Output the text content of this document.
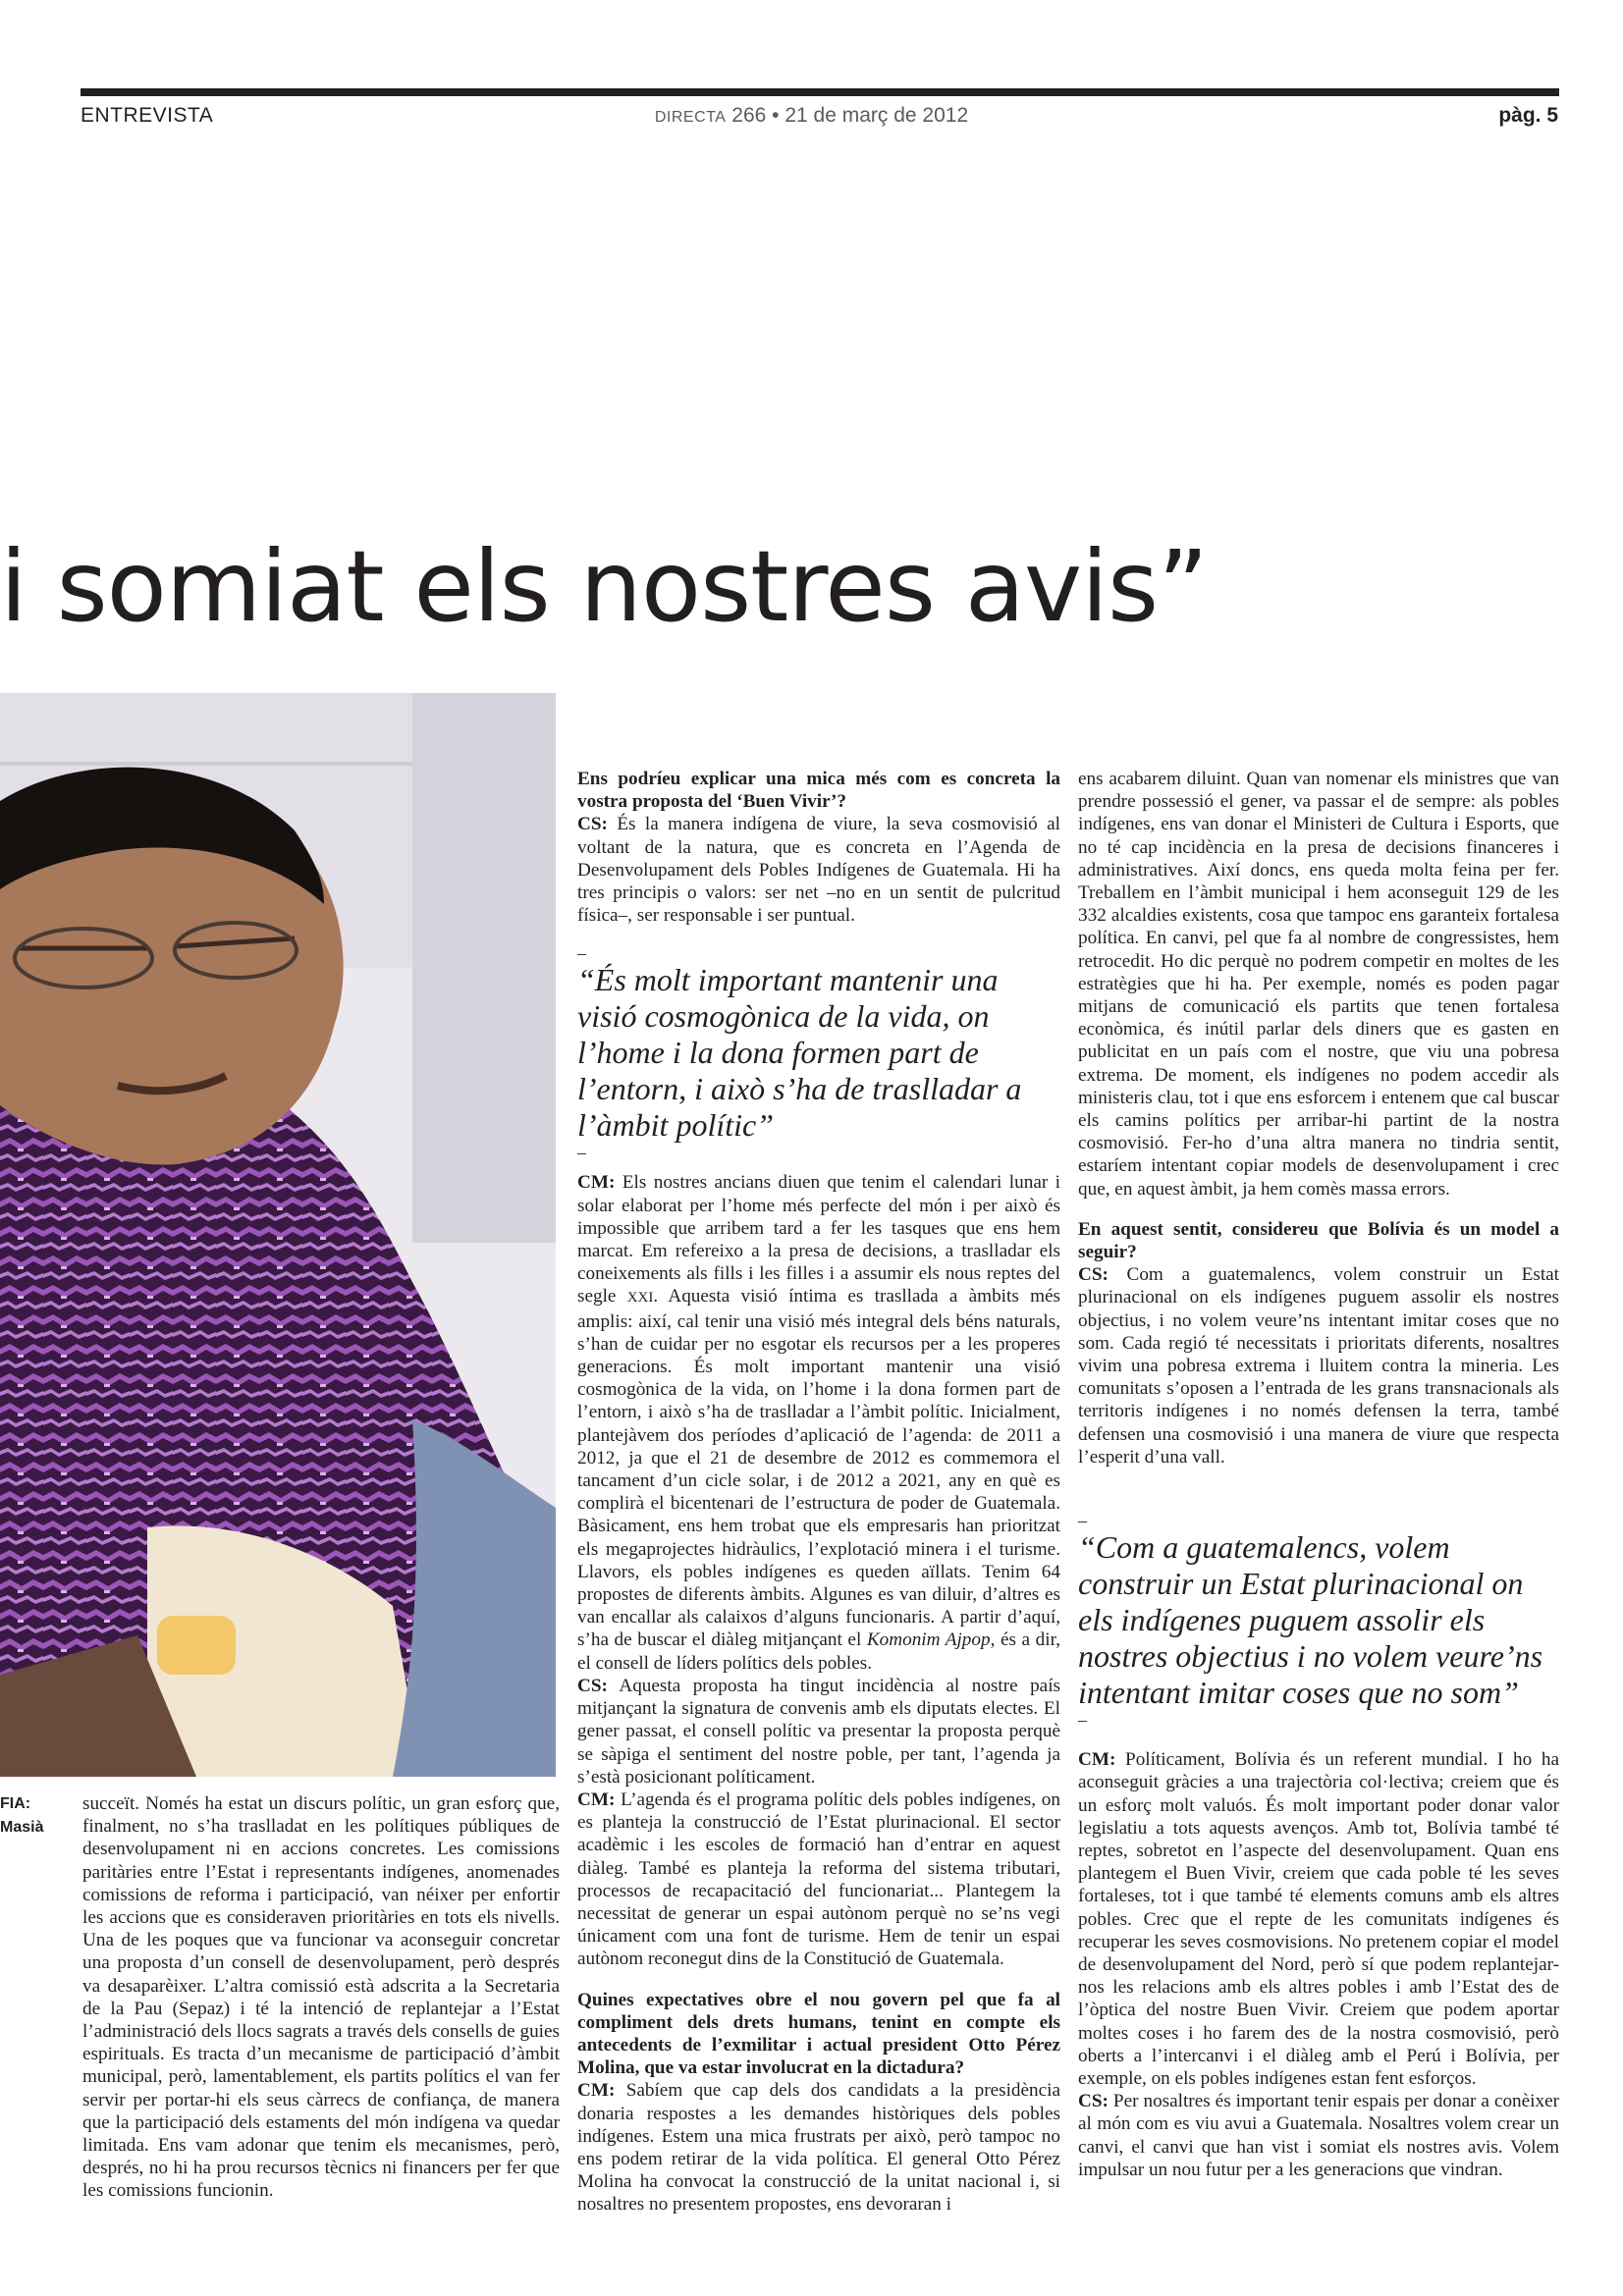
ENTREVISTA	DIRECTA 266 • 21 de març de 2012	pàg. 5
i somiat els nostres avis”
FIA:
Masià

succeït. Només ha estat un discurs polític, un gran esforç que, finalment, no s’ha traslladat en les polítiques públiques de desenvolupament ni en accions concretes. Les comissions paritàries entre l’Estat i representants indígenes, anomenades comissions de reforma i participació, van néixer per enfortir les accions que es consideraven prioritàries en tots els nivells. Una de les poques que va funcionar va aconseguir concretar una proposta d’un consell de desenvolupament, però després va desaparèixer. L’altra comissió està adscrita a la Secretaria de la Pau (Sepaz) i té la intenció de replantejar a l’Estat l’administració dels llocs sagrats a través dels consells de guies espirituals. Es tracta d’un mecanisme de participació d’àmbit municipal, però, lamentablement, els partits polítics el van fer servir per portar-hi els seus càrrecs de confiança, de manera que la participació dels estaments del món indígena va quedar limitada. Ens vam adonar que tenim els mecanismes, però, després, no hi ha prou recursos tècnics ni financers per fer que les comissions funcionin.

Ens podríeu explicar una mica més com es concreta la vostra proposta del ‘Buen Vivir’?

CS: És la manera indígena de viure, la seva cosmovisió al voltant de la natura, que es concreta en l’Agenda de Desenvolupament dels Pobles Indígenes de Guatemala. Hi ha tres principis o valors: ser net –no en un sentit de pulcritud física–, ser responsable i ser puntual.

–
“És molt important mantenir una visió cosmogònica de la vida, on l’home i la dona formen part de l’entorn, i això s’ha de traslladar a l’àmbit polític”
–

CM: Els nostres ancians diuen que tenim el calendari lunar i solar elaborat per l’home més perfecte del món i per això és impossible que arribem tard a fer les tasques que ens hem marcat. Em refereixo a la presa de decisions, a traslladar els coneixements als fills i les filles i a assumir els nous reptes del segle XXI. Aquesta visió íntima es trasllada a àmbits més amplis: així, cal tenir una visió més integral dels béns naturals, s’han de cuidar per no esgotar els recursos per a les properes generacions. És molt important mantenir una visió cosmogònica de la vida, on l’home i la dona formen part de l’entorn, i això s’ha de traslladar a l’àmbit polític. Inicialment, plantejàvem dos períodes d’aplicació de l’agenda: de 2011 a 2012, ja que el 21 de desembre de 2012 es commemora el tancament d’un cicle solar, i de 2012 a 2021, any en què es complirà el bicentenari de l’estructura de poder de Guatemala. Bàsicament, ens hem trobat que els empresaris han prioritzat els megaprojectes hidràulics, l’explotació minera i el turisme. Llavors, els pobles indígenes es queden aïllats. Tenim 64 propostes de diferents àmbits. Algunes es van diluir, d’altres es van encallar als calaixos d’alguns funcionaris. A partir d’aquí, s’ha de buscar el diàleg mitjançant el Komonim Ajpop, és a dir, el consell de líders polítics dels pobles.

CS: Aquesta proposta ha tingut incidència al nostre país mitjançant la signatura de convenis amb els diputats electes. El gener passat, el consell polític va presentar la proposta perquè se sàpiga el sentiment del nostre poble, per tant, l’agenda ja s’està posicionant políticament.

CM: L’agenda és el programa polític dels pobles indígenes, on es planteja la construcció de l’Estat plurinacional. El sector acadèmic i les escoles de formació han d’entrar en aquest diàleg. També es planteja la reforma del sistema tributari, processos de recapacitació del funcionariat... Plantegem la necessitat de generar un espai autònom perquè no se’ns vegi únicament com una font de turisme. Hem de tenir un espai autònom reconegut dins de la Constitució de Guatemala.

Quines expectatives obre el nou govern pel que fa al compliment dels drets humans, tenint en compte els antecedents de l’exmilitar i actual president Otto Pérez Molina, que va estar involucrat en la dictadura?

CM: Sabíem que cap dels dos candidats a la presidència donaria respostes a les demandes històriques dels pobles indígenes. Estem una mica frustrats per això, però tampoc no ens podem retirar de la vida política. El general Otto Pérez Molina ha convocat la construcció de la unitat nacional i, si nosaltres no presentem propostes, ens devoraran i

ens acabarem diluint. Quan van nomenar els ministres que van prendre possessió el gener, va passar el de sempre: als pobles indígenes, ens van donar el Ministeri de Cultura i Esports, que no té cap incidència en la presa de decisions financeres i administratives. Així doncs, ens queda molta feina per fer. Treballem en l’àmbit municipal i hem aconseguit 129 de les 332 alcaldies existents, cosa que tampoc ens garanteix fortalesa política. En canvi, pel que fa al nombre de congressistes, hem retrocedit. Ho dic perquè no podrem competir en moltes de les estratègies que hi ha. Per exemple, només es poden pagar mitjans de comunicació els partits que tenen fortalesa econòmica, és inútil parlar dels diners que es gasten en publicitat en un país com el nostre, que viu una pobresa extrema. De moment, els indígenes no podem accedir als ministeris clau, tot i que ens esforcem i entenem que cal buscar els camins polítics per arribar-hi partint de la nostra cosmovisió. Fer-ho d’una altra manera no tindria sentit, estaríem intentant copiar models de desenvolupament i crec que, en aquest àmbit, ja hem comès massa errors.

En aquest sentit, considereu que Bolívia és un model a seguir?

CS: Com a guatemalencs, volem construir un Estat plurinacional on els indígenes puguem assolir els nostres objectius, i no volem veure’ns intentant imitar coses que no som. Cada regió té necessitats i prioritats diferents, nosaltres vivim una pobresa extrema i lluitem contra la mineria. Les comunitats s’oposen a l’entrada de les grans transnacionals als territoris indígenes i no només defensen la terra, també defensen una cosmovisió i una manera de viure que respecta l’esperit d’una vall.

–
“Com a guatemalencs, volem construir un Estat plurinacional on els indígenes puguem assolir els nostres objectius i no volem veure’ns intentant imitar coses que no som”
–

CM: Políticament, Bolívia és un referent mundial. I ho ha aconseguit gràcies a una trajectòria col·lectiva; creiem que és un esforç molt valuós. És molt important poder donar valor legislatiu a tots aquests avenços. Amb tot, Bolívia també té reptes, sobretot en l’aspecte del desenvolupament. Quan ens plantegem el Buen Vivir, creiem que cada poble té les seves fortaleses, tot i que també té elements comuns amb els altres pobles. Crec que el repte de les comunitats indígenes és recuperar les seves cosmovisions. No pretenem copiar el model de desenvolupament del Nord, però sí que podem replantejar-nos les relacions amb els altres pobles i amb l’Estat des de l’òptica del nostre Buen Vivir. Creiem que podem aportar moltes coses i ho farem des de la nostra cosmovisió, però oberts a l’intercanvi i el diàleg amb el Perú i Bolívia, per exemple, on els pobles indígenes estan fent esforços.

CS: Per nosaltres és important tenir espais per donar a conèixer al món com es viu avui a Guatemala. Nosaltres volem crear un canvi, el canvi que han vist i somiat els nostres avis. Volem impulsar un nou futur per a les generacions que vindran.
